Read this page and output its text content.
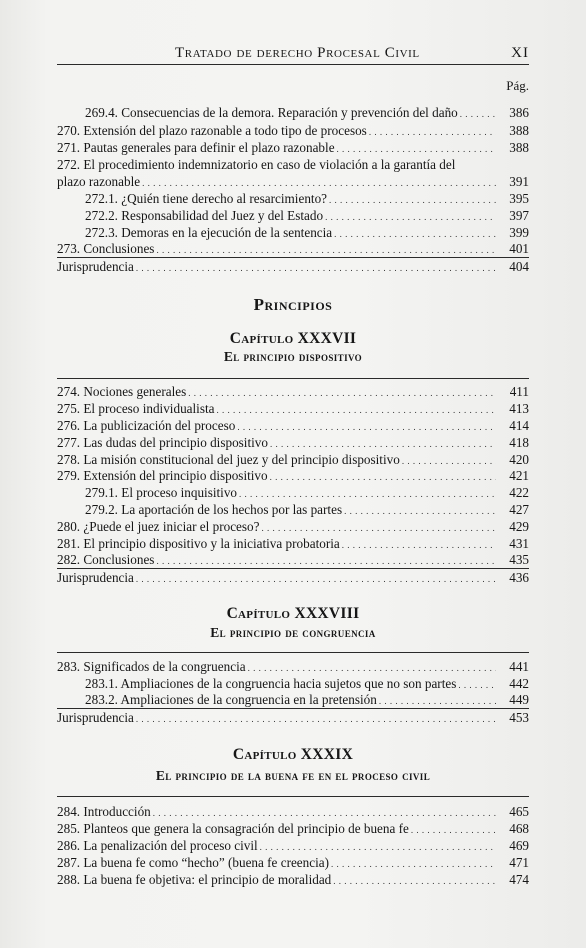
Tratado de derecho Procesal Civil	XI
Pág.
269.4. Consecuencias de la demora. Reparación y prevención del daño . . .	386
270. Extensión del plazo razonable a todo tipo de procesos . . .	388
271. Pautas generales para definir el plazo razonable . . .	388
272. El procedimiento indemnizatorio en caso de violación a la garantía del
plazo razonable . . .	391
272.1. ¿Quién tiene derecho al resarcimiento? . . .	395
272.2. Responsabilidad del Juez y del Estado . . .	397
272.3. Demoras en la ejecución de la sentencia . . .	399
273. Conclusiones . . .	401
Jurisprudencia . . .	404
Principios
Capítulo XXXVII
El principio dispositivo
274. Nociones generales . . .	411
275. El proceso individualista . . .	413
276. La publicización del proceso . . .	414
277. Las dudas del principio dispositivo . . .	418
278. La misión constitucional del juez y del principio dispositivo . . .	420
279. Extensión del principio dispositivo . . .	421
279.1. El proceso inquisitivo . . .	422
279.2. La aportación de los hechos por las partes . . .	427
280. ¿Puede el juez iniciar el proceso? . . .	429
281. El principio dispositivo y la iniciativa probatoria . . .	431
282. Conclusiones . . .	435
Jurisprudencia . . .	436
Capítulo XXXVIII
El principio de congruencia
283. Significados de la congruencia . . .	441
283.1. Ampliaciones de la congruencia hacia sujetos que no son partes . . .	442
283.2. Ampliaciones de la congruencia en la pretensión . . .	449
Jurisprudencia . . .	453
Capítulo XXXIX
El principio de la buena fe en el proceso civil
284. Introducción . . .	465
285. Planteos que genera la consagración del principio de buena fe . . .	468
286. La penalización del proceso civil . . .	469
287. La buena fe como “hecho” (buena fe creencia) . . .	471
288. La buena fe objetiva: el principio de moralidad . . .	474
